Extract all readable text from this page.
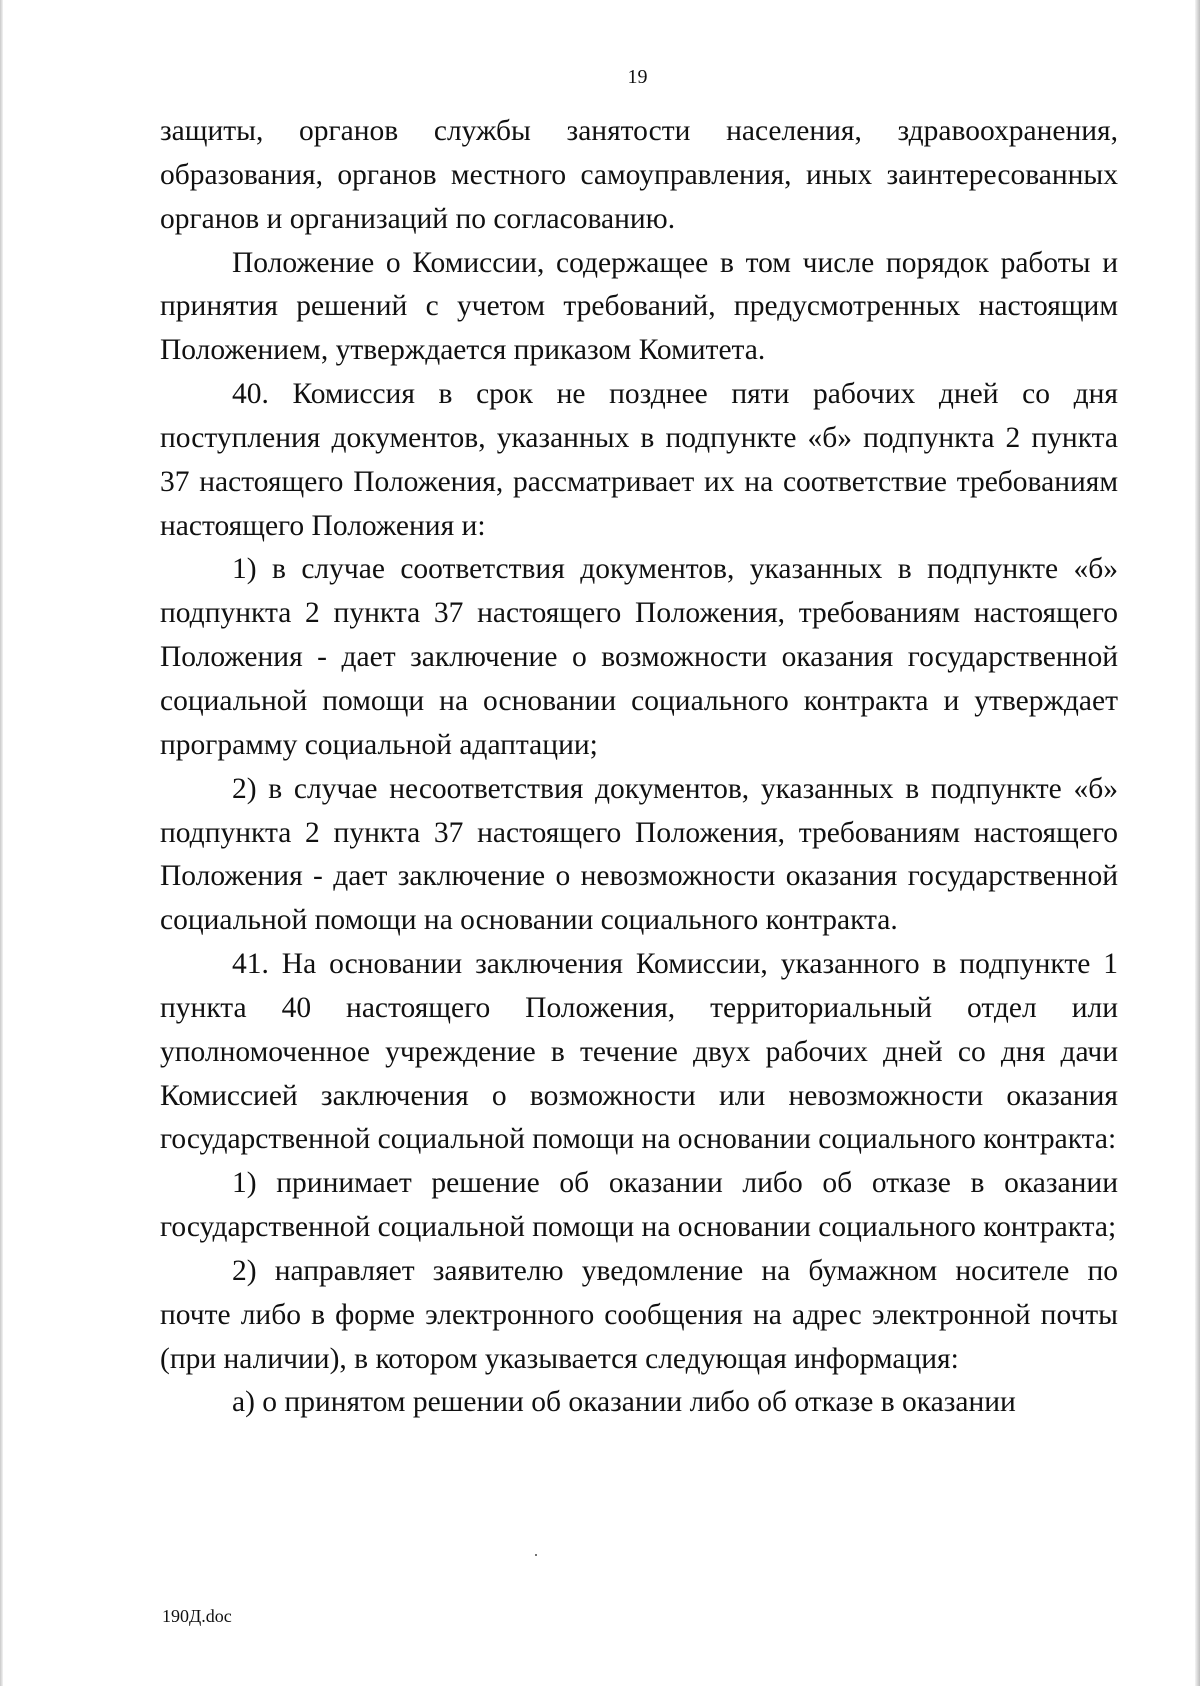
19

защиты, органов службы занятости населения, здравоохранения, образования, органов местного самоуправления, иных заинтересованных органов и организаций по согласованию.

Положение о Комиссии, содержащее в том числе порядок работы и принятия решений с учетом требований, предусмотренных настоящим Положением, утверждается приказом Комитета.

40. Комиссия в срок не позднее пяти рабочих дней со дня поступления документов, указанных в подпункте «б» подпункта 2 пункта 37 настоящего Положения, рассматривает их на соответствие требованиям настоящего Положения и:

1) в случае соответствия документов, указанных в подпункте «б» подпункта 2 пункта 37 настоящего Положения, требованиям настоящего Положения - дает заключение о возможности оказания государственной социальной помощи на основании социального контракта и утверждает программу социальной адаптации;

2) в случае несоответствия документов, указанных в подпункте «б» подпункта 2 пункта 37 настоящего Положения, требованиям настоящего Положения - дает заключение о невозможности оказания государственной социальной помощи на основании социального контракта.

41. На основании заключения Комиссии, указанного в подпункте 1 пункта 40 настоящего Положения, территориальный отдел или уполномоченное учреждение в течение двух рабочих дней со дня дачи Комиссией заключения о возможности или невозможности оказания государственной социальной помощи на основании социального контракта:

1) принимает решение об оказании либо об отказе в оказании государственной социальной помощи на основании социального контракта;

2) направляет заявителю уведомление на бумажном носителе по почте либо в форме электронного сообщения на адрес электронной почты (при наличии), в котором указывается следующая информация:

а) о принятом решении об оказании либо об отказе в оказании

190Д.doc
